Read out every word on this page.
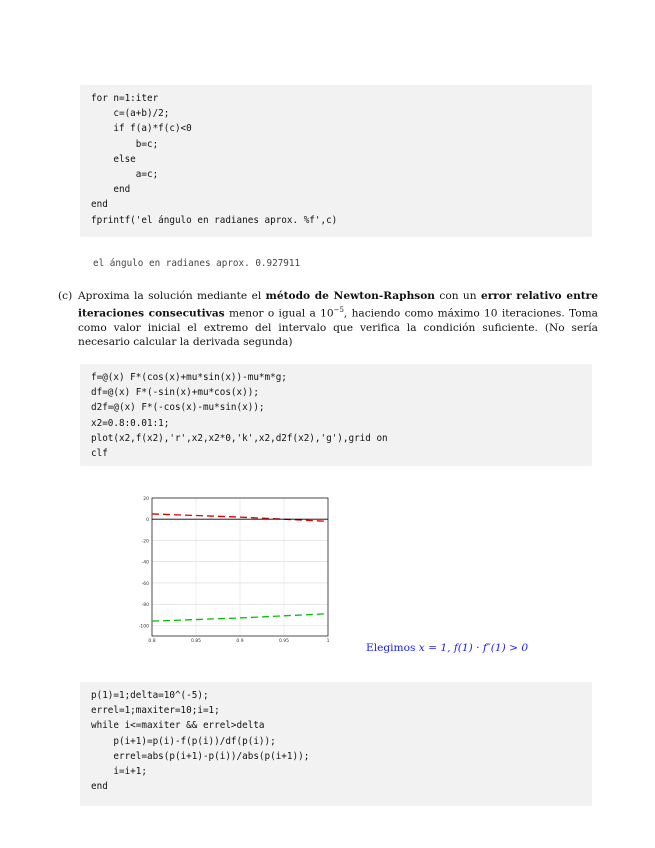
for n=1:iter
c=(a+b)/2;
if f(a)*f(c)<0
b=c;
else
a=c;
end
end
fprintf('el ángulo en radianes aprox. %f',c)
el ángulo en radianes aprox. 0.927911
(c) Aproxima la solución mediante el método de Newton-Raphson con un error relativo entre iteraciones consecutivas menor o igual a $10^{-5}$, haciendo como máximo 10 iteraciones. Toma como valor inicial el extremo del intervalo que verifica la condición suficiente. (No sería necesario calcular la derivada segunda)
f=@(x) F*(cos(x)+mu*sin(x))-mu*m*g;
df=@(x) F*(-sin(x)+mu*cos(x));
d2f=@(x) F*(-cos(x)-mu*sin(x));
x2=0.8:0.01:1;
plot(x2,f(x2),'r',x2,x2*0,'k',x2,d2f(x2),'g'),grid on
clf
20
0
-20
-40
-60
-80
-100
0.8	0.85	0.9	0.95	1
Elegimos x = 1, f(1) · f″(1) > 0
p(1)=1;delta=10^(-5);
errel=1;maxiter=10;i=1;
while i<=maxiter && errel>delta
p(i+1)=p(i)-f(p(i))/df(p(i));
errel=abs(p(i+1)-p(i))/abs(p(i+1));
i=i+1;
end
